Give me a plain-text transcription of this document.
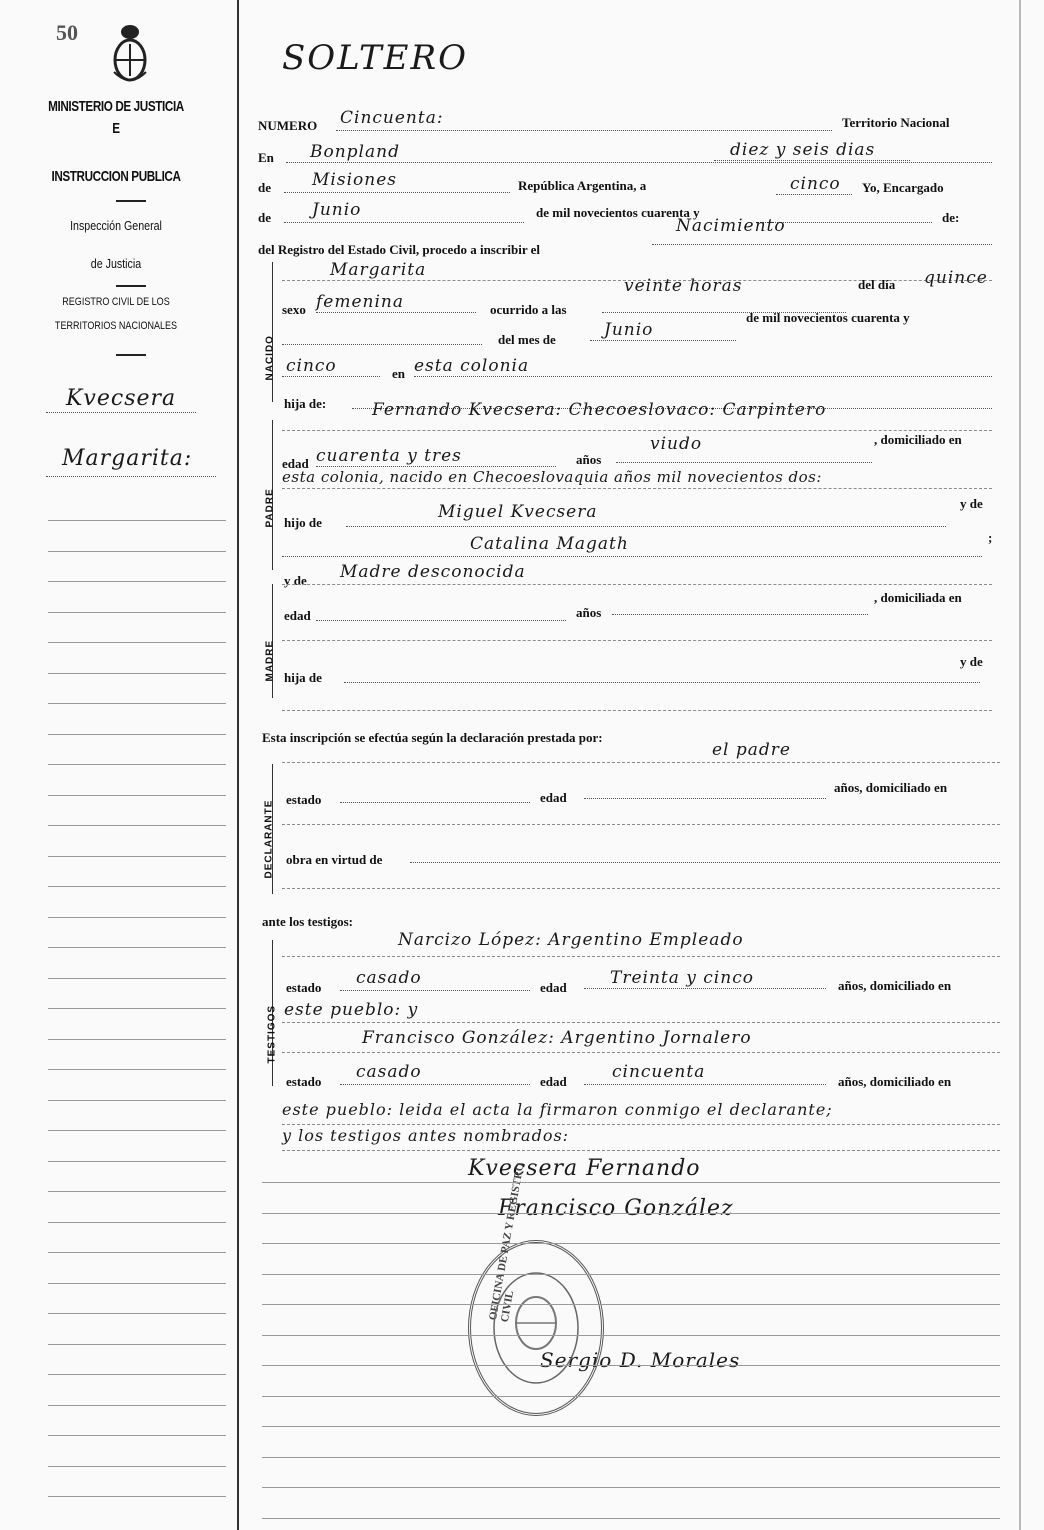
50
SOLTERO
MINISTERIO DE JUSTICIA
E
INSTRUCCION PUBLICA
Inspección General
de Justicia
REGISTRO CIVIL DE LOS
TERRITORIOS NACIONALES
Kvecsera
Margarita:
NUMERO Cincuenta:	Territorio Nacional
En Bonpland
de Misiones	República Argentina, a
diez y seis dias
de Junio	de mil novecientos cuarenta y
cinco Yo, Encargado
de:
del Registro del Estado Civil, procedo a inscribir el
Nacimiento
NACIDO
Margarita
sexo femenina	ocurrido a las
veinte horas	del día quince
del mes de	Junio
de mil novecientos cuarenta y
cinco	en esta colonia
hija de:
PADRE
Fernando Kvecsera: Checoeslovaco: Carpintero
edad cuarenta y tres	años
viudo	, domiciliado en
esta colonia, nacido en Checoeslovaquia años mil novecientos dos:
hijo de
Miguel Kvecsera	y de
Catalina Magath	;
y de Madre desconocida
MADRE
edad	años
, domiciliada en
hija de
y de
Esta inscripción se efectúa según la declaración prestada por:
el padre
DECLARANTE
estado	edad
años, domiciliado en
obra en virtud de
ante los testigos:
Narcizo López: Argentino Empleado
TESTIGOS
estado casado	edad	Treinta y cinco	años, domiciliado en
este pueblo: y
Francisco González: Argentino Jornalero
estado casado	edad	cincuenta	años, domiciliado en
este pueblo: leida el acta la firmaron conmigo el declarante;
y los testigos antes nombrados:
Kvecsera Fernando
Francisco González
Sergio D. Morales
OFICINA DE PAZ Y REGISTRO CIVIL
